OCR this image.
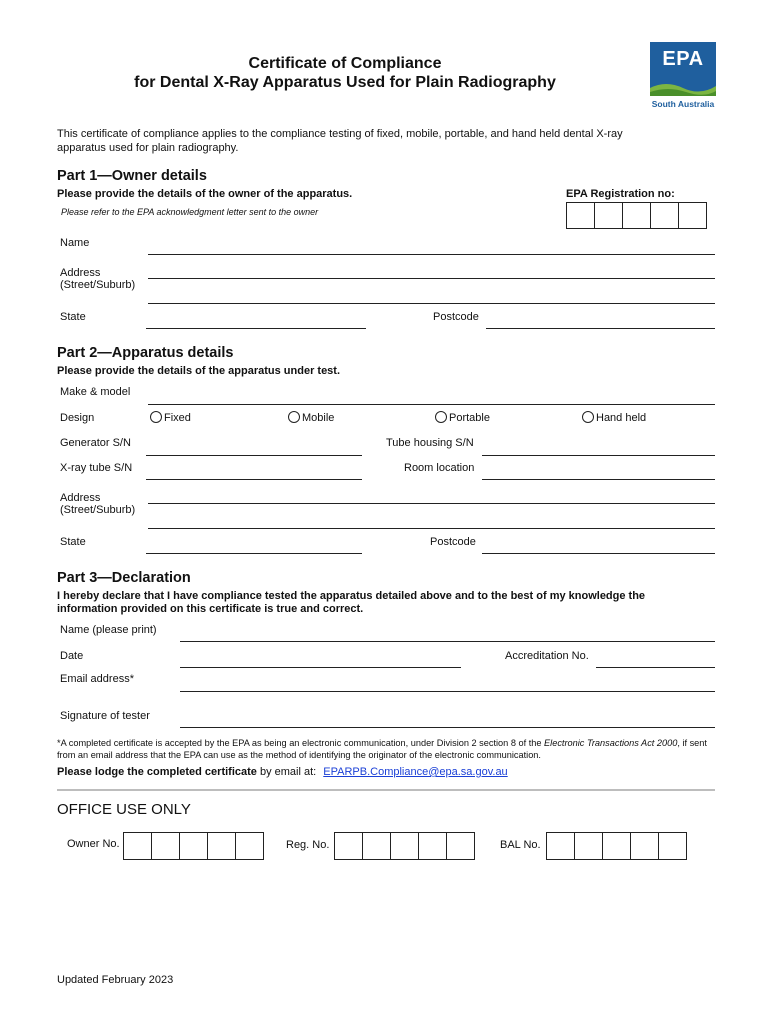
Certificate of Compliance
for Dental X-Ray Apparatus Used for Plain Radiography
EPA
South Australia
This certificate of compliance applies to the compliance testing of fixed, mobile, portable, and hand held dental X-ray apparatus used for plain radiography.
Part 1—Owner details
Please provide the details of the owner of the apparatus.	EPA Registration no:
Please refer to the EPA acknowledgment letter sent to the owner
Name
Address
(Street/Suburb)
State	Postcode
Part 2—Apparatus details
Please provide the details of the apparatus under test.
Make & model
Design	Fixed	Mobile	Portable	Hand held
Generator S/N	Tube housing S/N
X-ray tube S/N	Room location
Address
(Street/Suburb)
State	Postcode
Part 3—Declaration
I hereby declare that I have compliance tested the apparatus detailed above and to the best of my knowledge the information provided on this certificate is true and correct.
Name (please print)
Date	Accreditation No.
Email address*
Signature of tester
*A completed certificate is accepted by the EPA as being an electronic communication, under Division 2 section 8 of the Electronic Transactions Act 2000, if sent from an email address that the EPA can use as the method of identifying the originator of the electronic communication.
Please lodge the completed certificate by email at: EPARPB.Compliance@epa.sa.gov.au
OFFICE USE ONLY
Owner No.	Reg. No.	BAL No.
Updated February 2023
